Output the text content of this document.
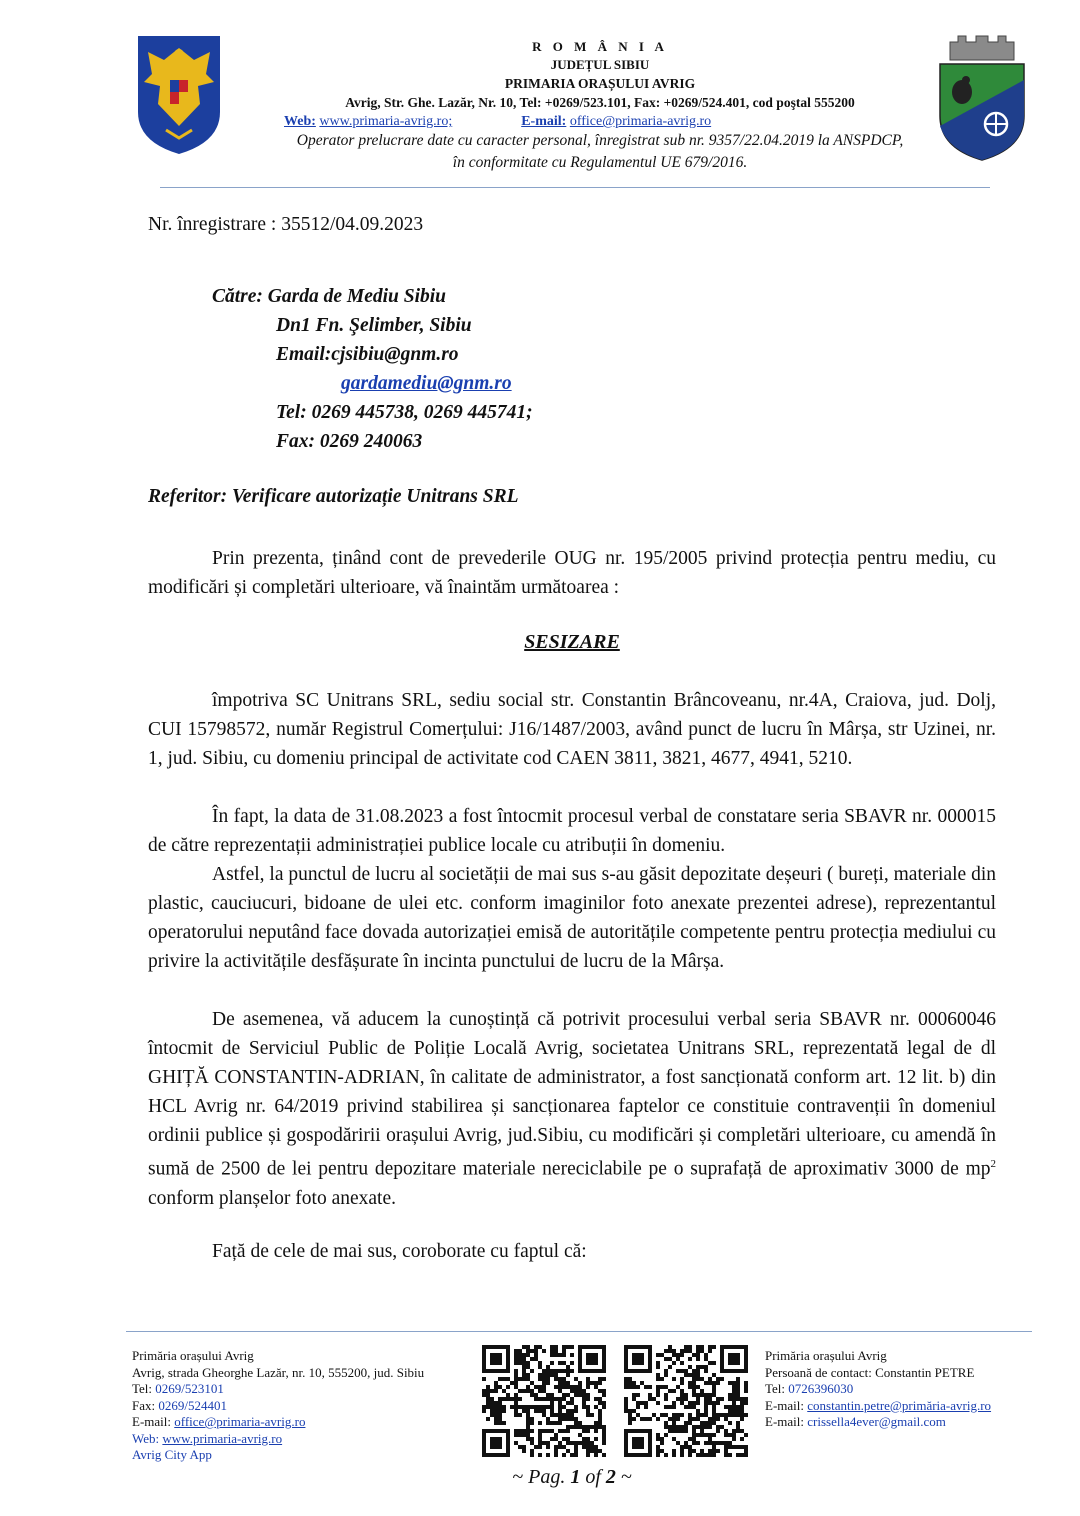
R O M Â N I A
JUDEȚUL SIBIU
PRIMARIA ORAȘULUI AVRIG
Avrig, Str. Ghe. Lazăr, Nr. 10, Tel: +0269/523.101, Fax: +0269/524.401, cod poştal 555200
Web: www.primaria-avrig.ro;	E-mail: office@primaria-avrig.ro
Operator prelucrare date cu caracter personal, înregistrat sub nr. 9357/22.04.2019 la ANSPDCP,
în conformitate cu Regulamentul UE 679/2016.
Nr. înregistrare : 35512/04.09.2023
Către: Garda de Mediu Sibiu
Dn1 Fn. Şelimber, Sibiu
Email:cjsibiu@gnm.ro
gardamediu@gnm.ro
Tel: 0269 445738, 0269 445741;
Fax: 0269 240063
Referitor: Verificare autorizație Unitrans SRL

Prin prezenta, ținând cont de prevederile OUG nr. 195/2005 privind protecția pentru mediu, cu modificări și completări ulterioare, vă înaintăm următoarea :

SESIZARE

împotriva SC Unitrans SRL, sediu social str. Constantin Brâncoveanu, nr.4A, Craiova, jud. Dolj, CUI 15798572, număr Registrul Comerțului: J16/1487/2003, având punct de lucru în Mârșa, str Uzinei, nr. 1, jud. Sibiu, cu domeniu principal de activitate cod CAEN 3811, 3821, 4677, 4941, 5210.

În fapt, la data de 31.08.2023 a fost întocmit procesul verbal de constatare seria SBAVR nr. 000015 de către reprezentații administrației publice locale cu atribuții în domeniu.

Astfel, la punctul de lucru al societății de mai sus s-au găsit depozitate deșeuri ( bureți, materiale din plastic, cauciucuri, bidoane de ulei etc. conform imaginilor foto anexate prezentei adrese), reprezentantul operatorului neputând face dovada autorizației emisă de autoritățile competente pentru protecția mediului cu privire la activitățile desfășurate în incinta punctului de lucru de la Mârșa.

De asemenea, vă aducem la cunoștință că potrivit procesului verbal seria SBAVR nr. 00060046 întocmit de Serviciul Public de Poliție Locală Avrig, societatea Unitrans SRL, reprezentată legal de dl GHIȚĂ CONSTANTIN-ADRIAN, în calitate de administrator, a fost sancționată conform art. 12 lit. b) din HCL Avrig nr. 64/2019 privind stabilirea și sancționarea faptelor ce constituie contravenții în domeniul ordinii publice și gospodăririi orașului Avrig, jud.Sibiu, cu modificări și completări ulterioare, cu amendă în sumă de 2500 de lei pentru depozitare materiale nereciclabile pe o suprafață de aproximativ 3000 de $mp^2$ conform planșelor foto anexate.

Față de cele de mai sus, coroborate cu faptul că:

Primăria orașului Avrig
Avrig, strada Gheorghe Lazăr, nr. 10, 555200, jud. Sibiu
Tel: 0269/523101
Fax: 0269/524401
E-mail: office@primaria-avrig.ro
Web: www.primaria-avrig.ro
Avrig City App
Primăria orașului Avrig
Persoană de contact: Constantin PETRE
Tel: 0726396030
E-mail: constantin.petre@primăria-avrig.ro
E-mail: crissella4ever@gmail.com
~ Pag. 1 of 2 ~
